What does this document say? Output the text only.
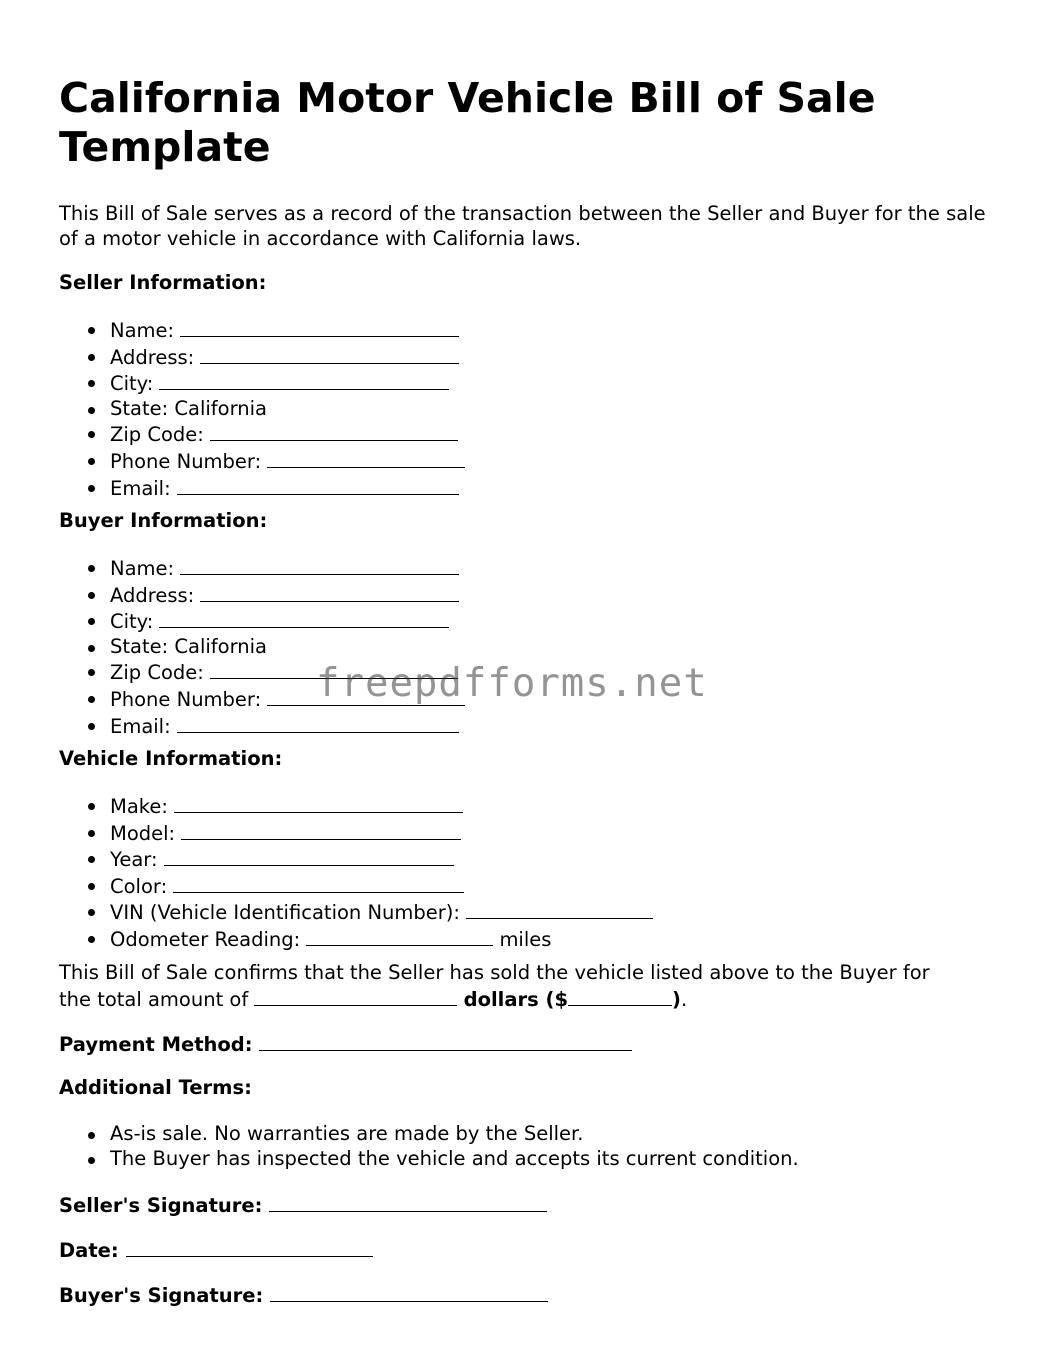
California Motor Vehicle Bill of Sale Template

This Bill of Sale serves as a record of the transaction between the Seller and Buyer for the sale of a motor vehicle in accordance with California laws.

Seller Information:

Name:
Address:
City:
State: California
Zip Code:
Phone Number:
Email:

Buyer Information:

Name:
Address:
City:
State: California
Zip Code:
Phone Number:
Email:

Vehicle Information:

Make:
Model:
Year:
Color:
VIN (Vehicle Identification Number):
Odometer Reading:	miles
This Bill of Sale confirms that the Seller has sold the vehicle listed above to the Buyer for
the total amount of	dollars ($	).

Payment Method:

Additional Terms:

As-is sale. No warranties are made by the Seller.
The Buyer has inspected the vehicle and accepts its current condition.

Seller's Signature:

Date:

Buyer's Signature:

freepdfforms.net
